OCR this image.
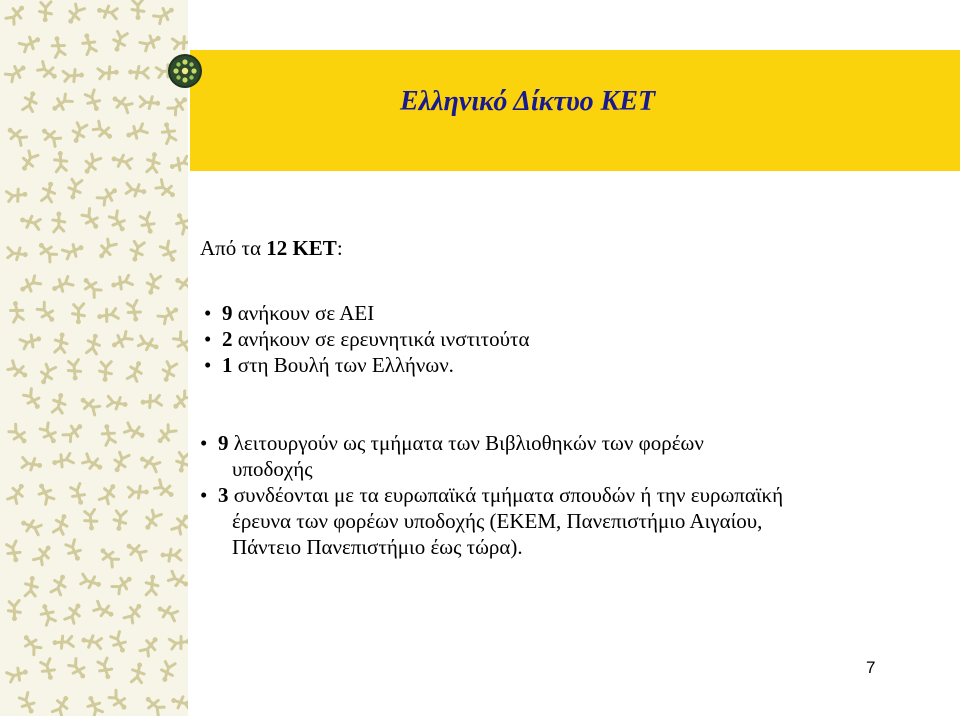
Ελληνικό Δίκτυο ΚΕΤ
Από τα 12 ΚΕΤ:
• 9 ανήκουν σε ΑΕΙ
• 2 ανήκουν σε ερευνητικά ινστιτούτα
• 1 στη Βουλή των Ελλήνων.
• 9 λειτουργούν ως τμήματα των Βιβλιοθηκών των φορέων
υποδοχής
• 3 συνδέονται με τα ευρωπαϊκά τμήματα σπουδών ή την ευρωπαϊκή
έρευνα των φορέων υποδοχής (ΕΚΕΜ, Πανεπιστήμιο Αιγαίου,
Πάντειο Πανεπιστήμιο έως τώρα).
7
